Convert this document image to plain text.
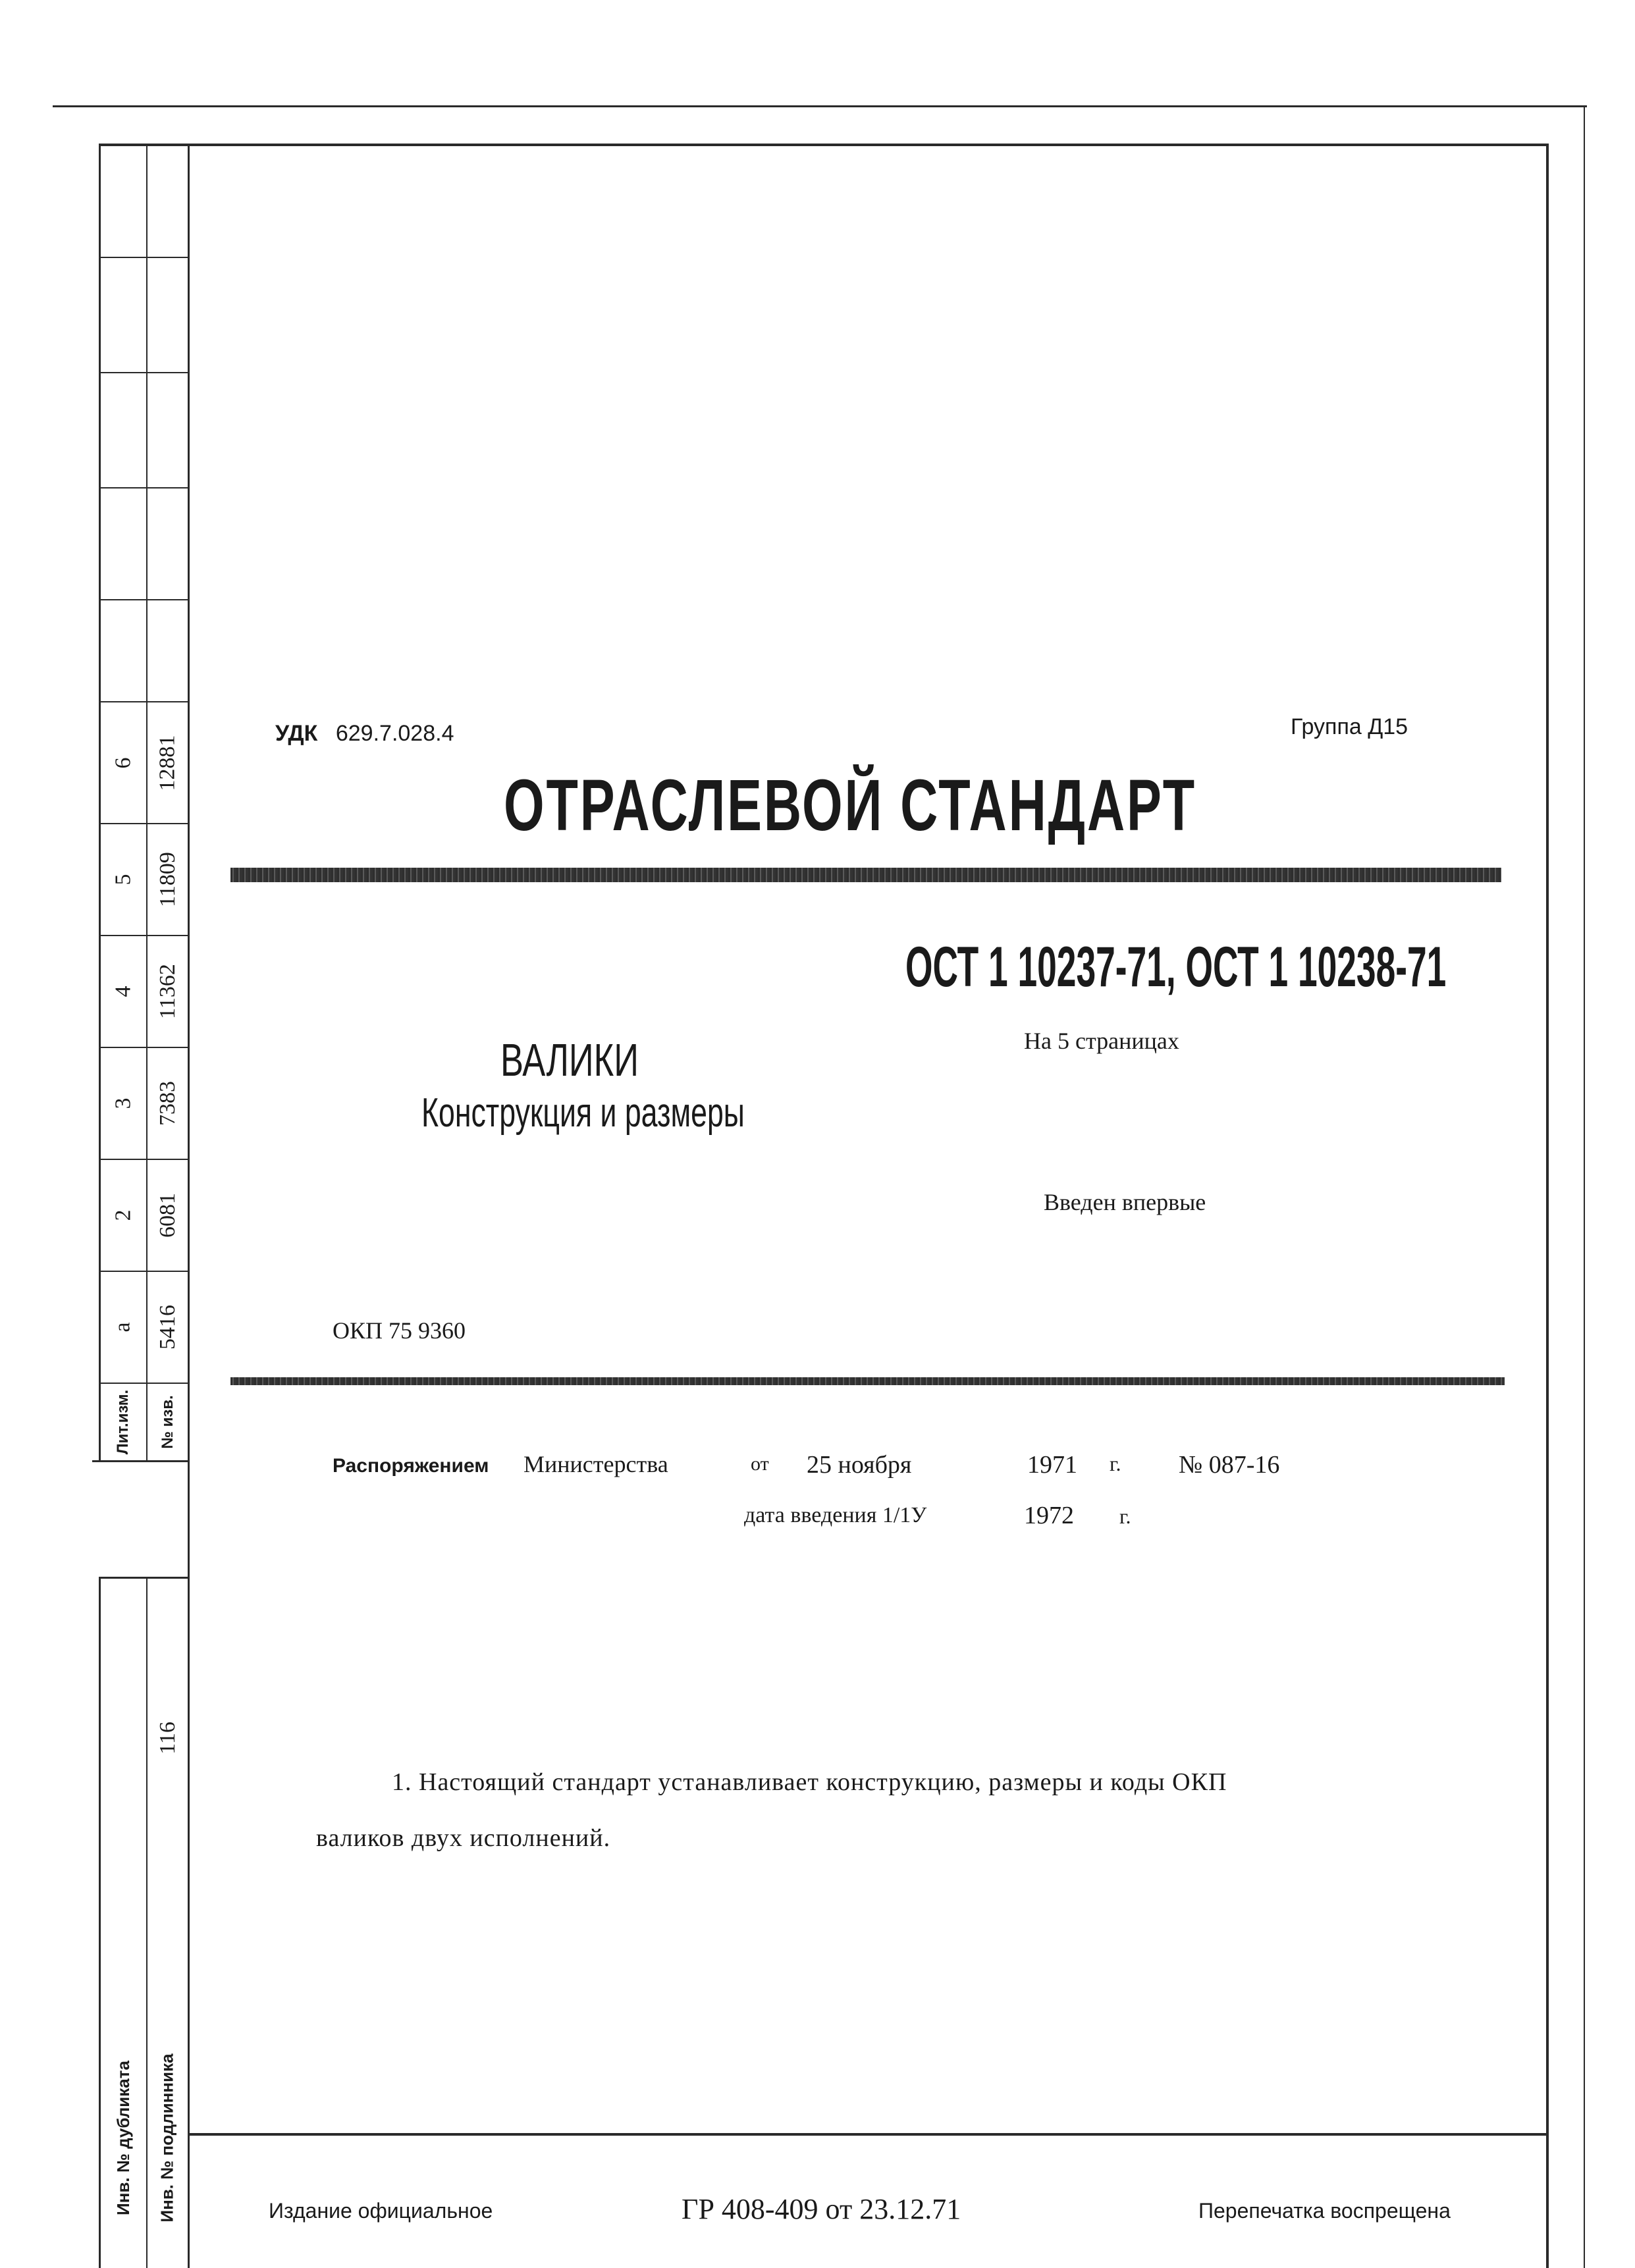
а 5416
2 6081
3 7383
4 11362
5 11809
6 12881
Лит.изм. № изв.
116
Инв. № дубликата Инв. № подлинника
УДК 629.7.028.4	Группа Д15
ОТРАСЛЕВОЙ СТАНДАРТ
ОСТ 1 10237-71, ОСТ 1 10238-71
ВАЛИКИ
Конструкция и размеры
На 5 страницах
Введен впервые
ОКП 75 9360
Распоряжением Министерства	от 25 ноября	1971 г. № 087-16
дата введения 1/1У	1972 г.
1. Настоящий стандарт устанавливает конструкцию, размеры и коды ОКП
валиков двух исполнений.
Издание официальное	ГР 408-409 от 23.12.71	Перепечатка воспрещена
